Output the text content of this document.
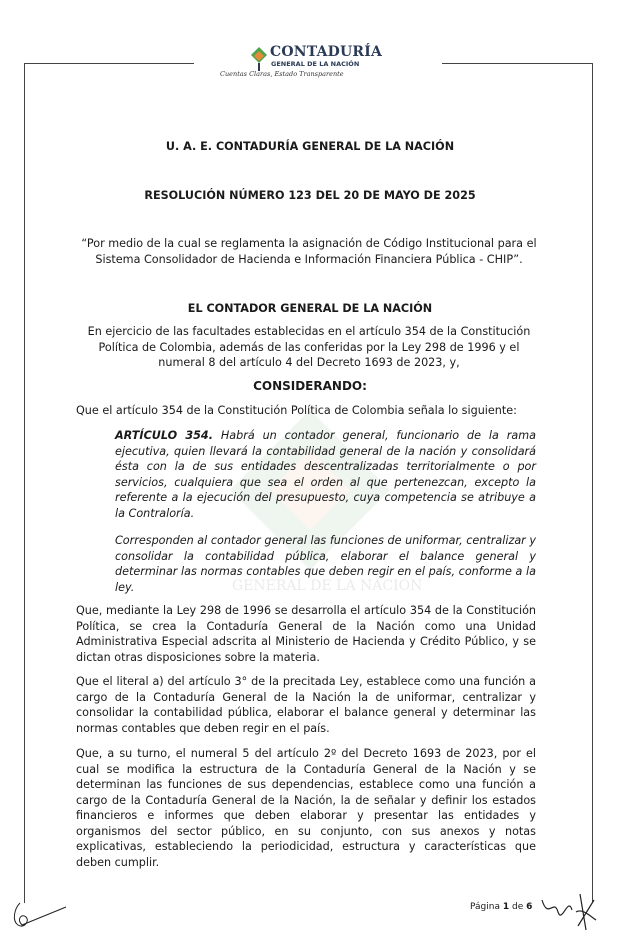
CONTADURÍA
GENERAL DE LA NACIÓN
Cuentas Claras, Estado Transparente
GENERAL DE LA NACIÓN

U. A. E. CONTADURÍA GENERAL DE LA NACIÓN

RESOLUCIÓN NÚMERO 123 DEL 20 DE MAYO DE 2025

“Por medio de la cual se reglamenta la asignación de Código Institucional para el Sistema Consolidador de Hacienda e Información Financiera Pública - CHIP”.

EL CONTADOR GENERAL DE LA NACIÓN

En ejercicio de las facultades establecidas en el artículo 354 de la Constitución Política de Colombia, además de las conferidas por la Ley 298 de 1996 y el numeral 8 del artículo 4 del Decreto 1693 de 2023, y,

CONSIDERANDO:

Que el artículo 354 de la Constitución Política de Colombia señala lo siguiente:

ARTÍCULO 354. Habrá un contador general, funcionario de la rama ejecutiva, quien llevará la contabilidad general de la nación y consolidará ésta con la de sus entidades descentralizadas territorialmente o por servicios, cualquiera que sea el orden al que pertenezcan, excepto la referente a la ejecución del presupuesto, cuya competencia se atribuye a la Contraloría.

Corresponden al contador general las funciones de uniformar, centralizar y consolidar la contabilidad pública, elaborar el balance general y determinar las normas contables que deben regir en el país, conforme a la ley.

Que, mediante la Ley 298 de 1996 se desarrolla el artículo 354 de la Constitución Política, se crea la Contaduría General de la Nación como una Unidad Administrativa Especial adscrita al Ministerio de Hacienda y Crédito Público, y se dictan otras disposiciones sobre la materia.

Que el literal a) del artículo 3° de la precitada Ley, establece como una función a cargo de la Contaduría General de la Nación la de uniformar, centralizar y consolidar la contabilidad pública, elaborar el balance general y determinar las normas contables que deben regir en el país.

Que, a su turno, el numeral 5 del artículo 2º del Decreto 1693 de 2023, por el cual se modifica la estructura de la Contaduría General de la Nación y se determinan las funciones de sus dependencias, establece como una función a cargo de la Contaduría General de la Nación, la de señalar y definir los estados financieros e informes que deben elaborar y presentar las entidades y organismos del sector público, en su conjunto, con sus anexos y notas explicativas, estableciendo la periodicidad, estructura y características que deben cumplir.

Página 1 de 6
